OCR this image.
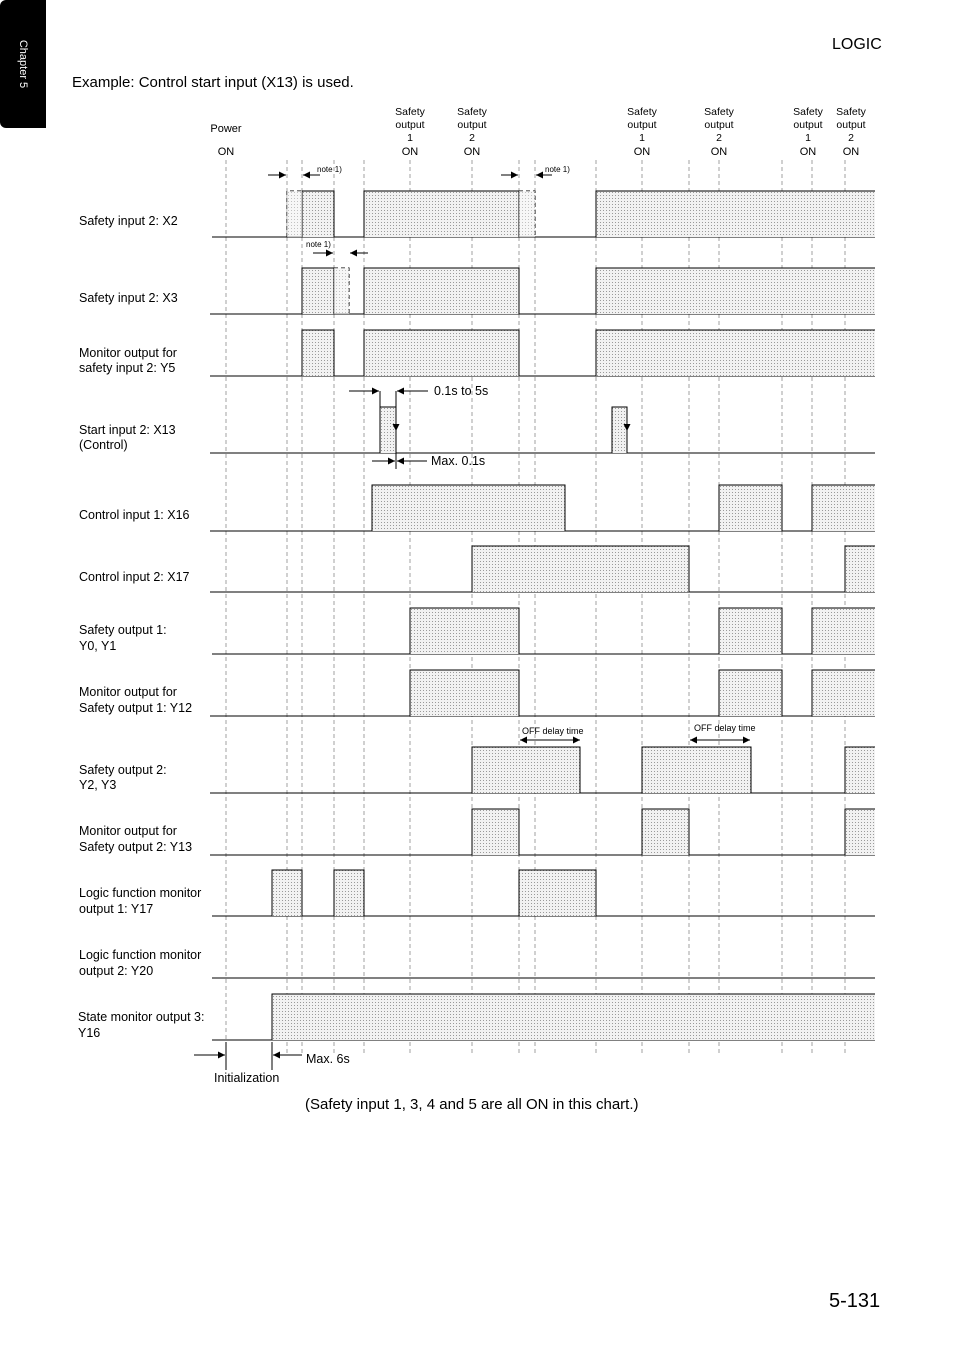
LOGIC
Example: Control start input (X13) is used.
Power
ON
Safety
output
1
ON
Safety
output
2
ON
Safety
output
1
ON
Safety
output
2
ON
Safety
output
1
ON
Safety
output
2
ON
Safety input 2: X2
Safety input 2: X3
Monitor output for
safety input 2: Y5
Start input 2: X13
(Control)
Control input 1: X16
Control input 2: X17
Safety output 1:
Y0, Y1
Monitor output for
Safety output 1: Y12
Safety output 2:
Y2, Y3
Monitor output for
Safety output 2: Y13
Logic function monitor
output 1: Y17
Logic function monitor
output 2: Y20
State monitor output 3:
Y16
note 1)	note 1)
note 1)
0.1s to 5s
Max. 0.1s
OFF delay time	OFF delay time
Max. 6s
Initialization
(Safety input 1, 3, 4 and 5 are all ON in this chart.)
Chapter 5
5-131
